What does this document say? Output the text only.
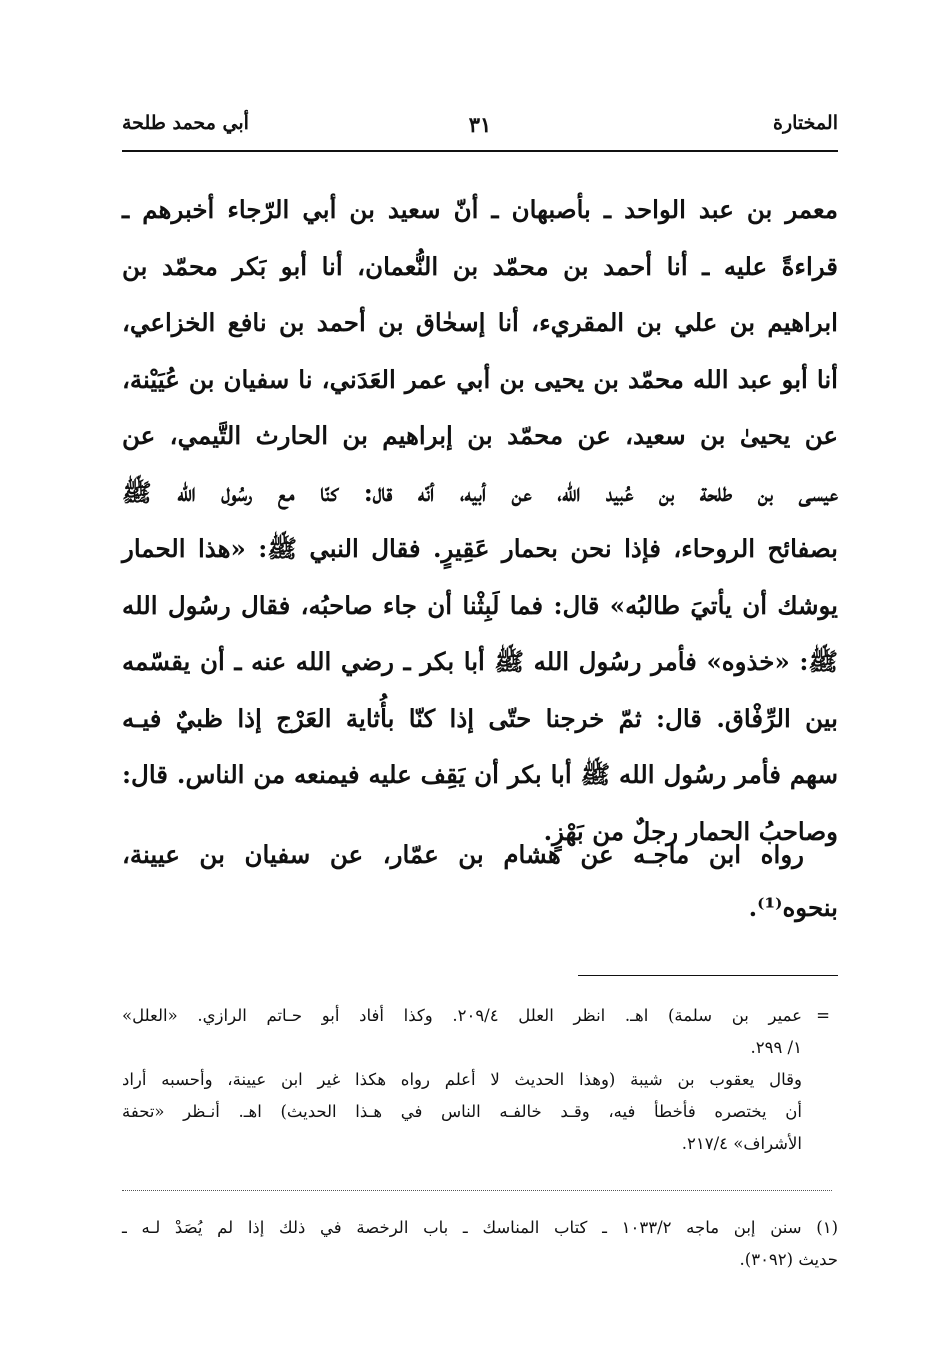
المختارة
٣١
أبي محمد طلحة
معمر بن عبد الواحد ـ بأصبهان ـ أنّ سعيد بن أبي الرّجاء أخبرهم ـ
قراءةً عليه ـ أنا أحمد بن محمّد بن النُّعمان، أنا أبو بَكر محمّد بن
ابراهيم بن علي بن المقريء، أنا إسحٰاق بن أحمد بن نافع الخزاعي،
أنا أبو عبد الله محمّد بن يحيى بن أبي عمر العَدَني، نا سفيان بن عُيَيْنة،
عن يحيىٰ بن سعيد، عن محمّد بن إبراهيم بن الحارث التَّيمي، عن
عيسى بن طلحة بن عُبيد الله، عن أبيه، أنّه قال: كنّا مع رسُول الله ﷺ
بصفائح الروحاء، فإذا نحن بحمار عَقِيرٍ. فقال النبي ﷺ: «هذا الحمار
يوشك أن يأتيَ طالبُه» قال: فما لَبِثْنا أن جاء صاحبُه، فقال رسُول الله
ﷺ: «خذوه» فأمر رسُول الله ﷺ أبا بكر ـ رضي الله عنه ـ أن يقسّمه
بين الرِّفْاق. قال: ثمّ خرجنا حتّى إذا كنّا بأُثاية العَرْج إذا ظبيٌ فيـه
سهم فأمر رسُول الله ﷺ أبا بكر أن يَقِف عليه فيمنعه من الناس. قال:
وصاحبُ الحمار رجلٌ من بَهْزٍ.
رواه ابن ماجـه عن هشام بن عمّار، عن سفيان بن عيينة،
بنحوه⁽¹⁾.
=
عمير بن سلمة) اهـ. انظر العلل ٢٠٩/٤. وكذا أفاد أبو حـاتم الرازي. «العلل»
١/ ٢٩٩.
وقال يعقوب بن شيبة (وهذا الحديث لا أعلم رواه هكذا غير ابن عيينة، وأحسبه أراد
أن يختصره فأخطأ فيه، وقـد خالفـه الناس في هـذا الحديث) اهـ. أنـظر «تحفة
الأشراف» ٢١٧/٤.
(١) سنن إبن ماجه ١٠٣٣/٢ ـ كتاب المناسك ـ باب الرخصة في ذلك إذا لم يُصَدْ لـه ـ
حديث (٣٠٩٢).
